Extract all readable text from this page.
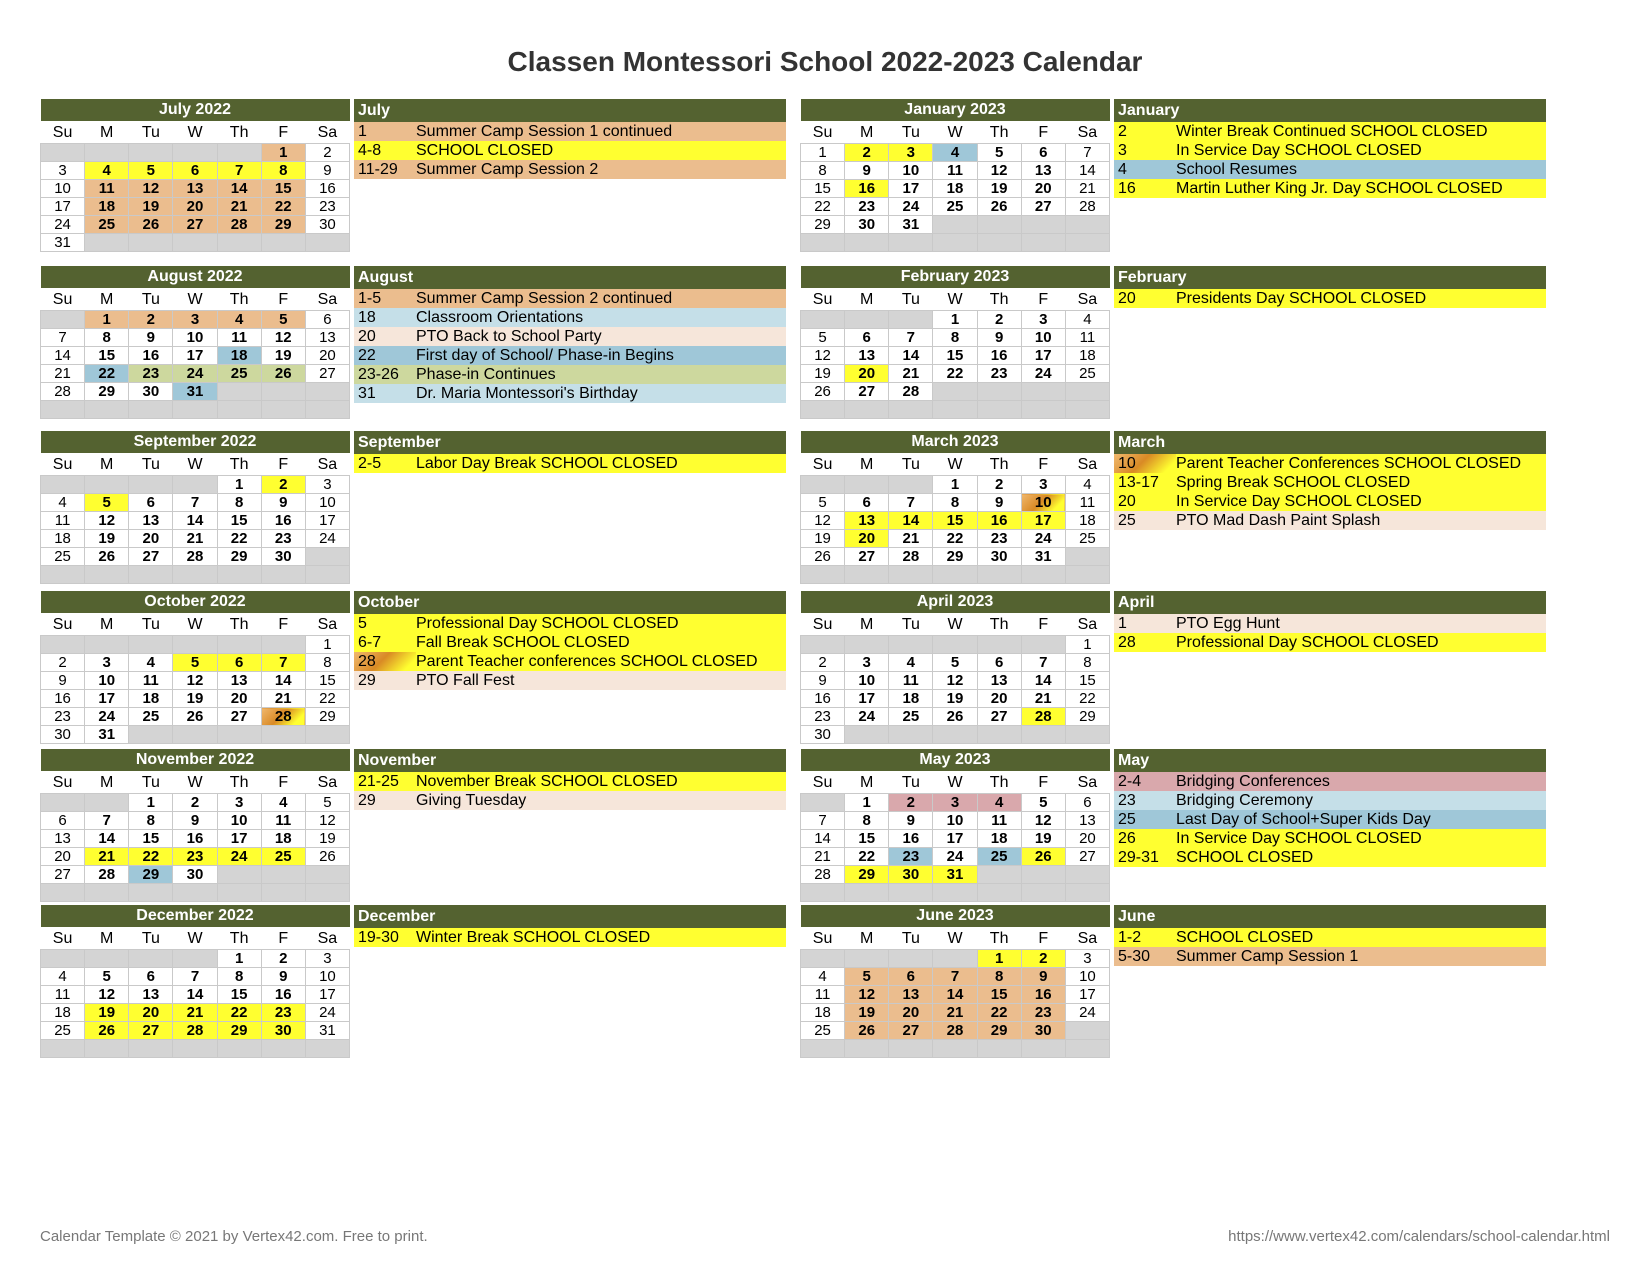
Classen Montessori School 2022-2023 Calendar
July 2022						
Su	M	Tu	W	Th	F	Sa
					1	2
3	4	5	6	7	8	9
10	11	12	13	14	15	16
17	18	19	20	21	22	23
24	25	26	27	28	29	30
31						
August 2022						
Su	M	Tu	W	Th	F	Sa
	1	2	3	4	5	6
7	8	9	10	11	12	13
14	15	16	17	18	19	20
21	22	23	24	25	26	27
28	29	30	31			

September 2022						
Su	M	Tu	W	Th	F	Sa
				1	2	3
4	5	6	7	8	9	10
11	12	13	14	15	16	17
18	19	20	21	22	23	24
25	26	27	28	29	30	

October 2022						
Su	M	Tu	W	Th	F	Sa
						1
2	3	4	5	6	7	8
9	10	11	12	13	14	15
16	17	18	19	20	21	22
23	24	25	26	27	28	29
30	31					
November 2022						
Su	M	Tu	W	Th	F	Sa
		1	2	3	4	5
6	7	8	9	10	11	12
13	14	15	16	17	18	19
20	21	22	23	24	25	26
27	28	29	30			

December 2022						
Su	M	Tu	W	Th	F	Sa
				1	2	3
4	5	6	7	8	9	10
11	12	13	14	15	16	17
18	19	20	21	22	23	24
25	26	27	28	29	30	31

January 2023						
Su	M	Tu	W	Th	F	Sa
1	2	3	4	5	6	7
8	9	10	11	12	13	14
15	16	17	18	19	20	21
22	23	24	25	26	27	28
29	30	31				

February 2023						
Su	M	Tu	W	Th	F	Sa
			1	2	3	4
5	6	7	8	9	10	11
12	13	14	15	16	17	18
19	20	21	22	23	24	25
26	27	28				

March 2023						
Su	M	Tu	W	Th	F	Sa
			1	2	3	4
5	6	7	8	9	10	11
12	13	14	15	16	17	18
19	20	21	22	23	24	25
26	27	28	29	30	31	

April 2023						
Su	M	Tu	W	Th	F	Sa
						1
2	3	4	5	6	7	8
9	10	11	12	13	14	15
16	17	18	19	20	21	22
23	24	25	26	27	28	29
30						
May 2023						
Su	M	Tu	W	Th	F	Sa
	1	2	3	4	5	6
7	8	9	10	11	12	13
14	15	16	17	18	19	20
21	22	23	24	25	26	27
28	29	30	31			

June 2023						
Su	M	Tu	W	Th	F	Sa
				1	2	3
4	5	6	7	8	9	10
11	12	13	14	15	16	17
18	19	20	21	22	23	24
25	26	27	28	29	30	

July
1	Summer Camp Session 1 continued
4-8	SCHOOL CLOSED
11-29	Summer Camp Session 2
August
1-5	Summer Camp Session 2 continued
18	Classroom Orientations
20	PTO Back to School Party
22	First day of School/ Phase-in Begins
23-26	Phase-in Continues
31	Dr. Maria Montessori's Birthday
September
2-5	Labor Day Break SCHOOL CLOSED
October
5	Professional Day SCHOOL CLOSED
6-7	Fall Break SCHOOL CLOSED
28	Parent Teacher conferences SCHOOL CLOSED
29	PTO Fall Fest
November
21-25	November Break SCHOOL CLOSED
29	Giving Tuesday
December
19-30	Winter Break SCHOOL CLOSED
January
2	Winter Break Continued SCHOOL CLOSED
3	In Service Day SCHOOL CLOSED
4	School Resumes
16	Martin Luther King Jr. Day SCHOOL CLOSED
February
20	Presidents Day SCHOOL CLOSED
March
10	Parent Teacher Conferences SCHOOL CLOSED
13-17	Spring Break SCHOOL CLOSED
20	In Service Day SCHOOL CLOSED
25	PTO Mad Dash Paint Splash
April
1	PTO Egg Hunt
28	Professional Day SCHOOL CLOSED
May
2-4	Bridging Conferences
23	Bridging Ceremony
25	Last Day of School+Super Kids Day
26	In Service Day SCHOOL CLOSED
29-31	SCHOOL CLOSED
June
1-2	SCHOOL CLOSED
5-30	Summer Camp Session 1
Calendar Template © 2021 by Vertex42.com. Free to print.	https://www.vertex42.com/calendars/school-calendar.html
